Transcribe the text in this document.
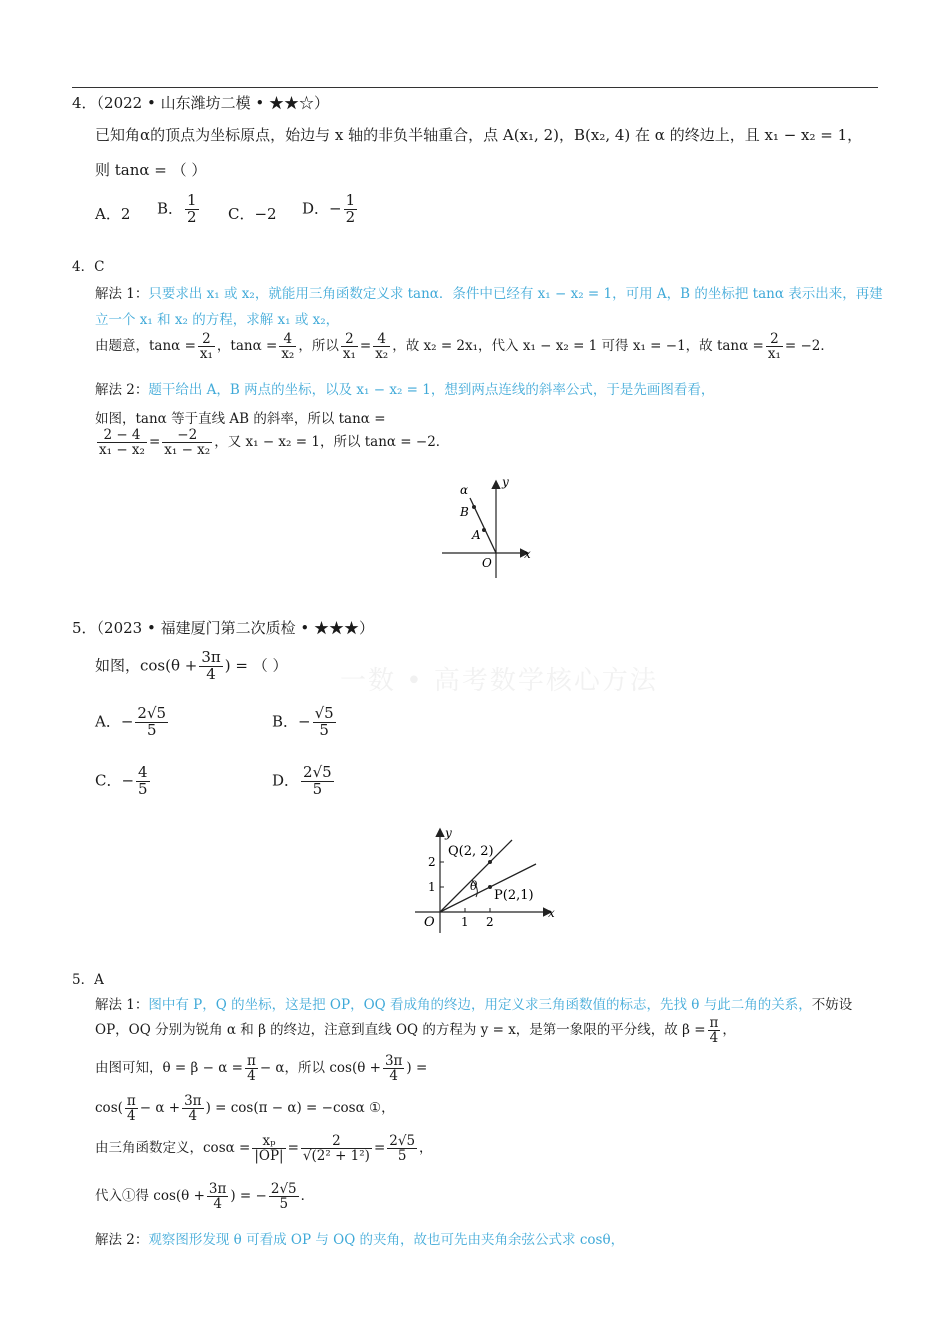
一数 • 高考数学核心方法
4．（2022 • 山东潍坊二模 • ★★☆）
已知角α的顶点为坐标原点，始边与 x 轴的非负半轴重合，点 A(x₁, 2)，B(x₂, 4) 在 α 的终边上，且 x₁ − x₂ = 1，
则 tanα = （ ）
A．2 B． $\frac{1}{2}$ C．−2 D．− $\frac{1}{2}$
4．C
解法 1：只要求出 x₁ 或 x₂，就能用三角函数定义求 tanα．条件中已经有 x₁ − x₂ = 1，可用 A，B 的坐标把 tanα 表示出来，再建
立一个 x₁ 和 x₂ 的方程，求解 x₁ 或 x₂，
由题意，$\tan\alpha = \frac{2}{\text{x₁}}$ ，$\tan\alpha = \frac{4}{\text{x₂}}$ ，所以 $\frac{2}{\text{x₁}} = \frac{4}{\text{x₂}}$ ，故 x₂ = 2x₁，代入 x₁ − x₂ = 1 可得 x₁ = −1，故 $\tan\alpha = \frac{2}{\text{x₁}} = -2$．
解法 2：题干给出 A，B 两点的坐标，以及 x₁ − x₂ = 1，想到两点连线的斜率公式，于是先画图看看，
如图，tanα 等于直线 AB 的斜率，所以 tanα =
$\frac{2 - 4}{\text{x₁ − x₂}} = \frac{-2}{\text{x₁ − x₂}}$ ，又 x₁ − x₂ = 1，所以 tanα = −2．
α
B
A
O
x
y
5．（2023 • 福建厦门第二次质检 • ★★★）
如图，$\cos(\theta + \frac{3\pi}{4}$ ) = （ ）
A．− $\frac{2√5}{5}$	B．− $\frac{√5}{5}$
C．− $\frac{4}{5}$	D． $\frac{2√5}{5}$
Q(2, 2)
P(2,1)
θ
O
x
y
1 2
1
2
5．A
解法 1：图中有 P，Q 的坐标，这是把 OP，OQ 看成角的终边，用定义求三角函数值的标志，先找 θ 与此二角的关系，不妨设
OP，OQ 分别为锐角 α 和 β 的终边，注意到直线 OQ 的方程为 y = x，是第一象限的平分线，故 $\beta = \frac{\pi}{4}$ ，
由图可知，$\theta = \beta - \alpha = \frac{\pi}{4} - \alpha$，所以 $\cos(\theta + \frac{3\pi}{4}$ ) =
$\cos( \frac{\pi}{4} - \alpha + \frac{3\pi}{4}$ ) = cos(π − α) = −cosα ①，
由三角函数定义，$\cos\alpha = \frac{\text{xₚ}}{|OP|} = \frac{2}{\text{√(2² + 1²)}} = \frac{2√5}{5}$ ，
代入①得 $\cos(\theta + \frac{3\pi}{4}$ ) = − $\frac{2√5}{5}$ ．
解法 2：观察图形发现 θ 可看成 OP 与 OQ 的夹角，故也可先由夹角余弦公式求 cosθ，
